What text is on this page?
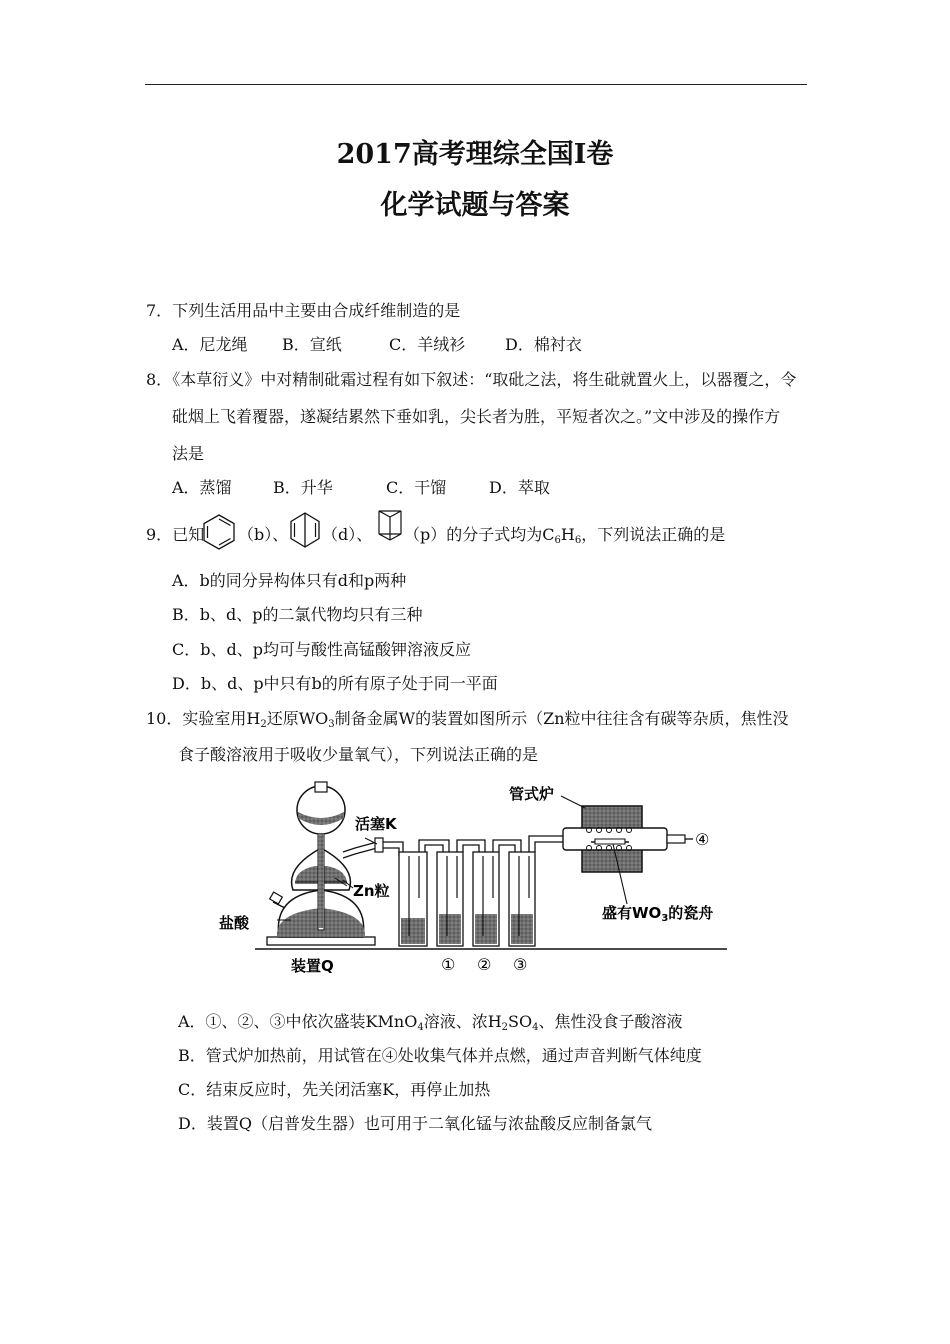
2017高考理综全国I卷
化学试题与答案
7．下列生活用品中主要由合成纤维制造的是
A．尼龙绳 B．宣纸	C．羊绒衫 D．棉衬衣
8．《本草衍义》中对精制砒霜过程有如下叙述：“取砒之法，将生砒就置火上，以器覆之，令
砒烟上飞着覆器，遂凝结累然下垂如乳，尖长者为胜，平短者次之。”文中涉及的操作方
法是
A．蒸馏	B．升华	C．干馏	D．萃取
9．已知 （b）、 （d）、 （p）的分子式均为$C_6H_6$，下列说法正确的是
A．b的同分异构体只有d和p两种
B．b、d、p的二氯代物均只有三种
C．b、d、p均可与酸性高锰酸钾溶液反应
D．b、d、p中只有b的所有原子处于同一平面
10．实验室用$H_2$还原$WO_3$制备金属W的装置如图所示（Zn粒中往往含有碳等杂质，焦性没
食子酸溶液用于吸收少量氧气），下列说法正确的是
管式炉
活塞K
Zn粒
盐酸
装置Q
盛有$WO_3$的瓷舟
① ② ③
④
A．①、②、③中依次盛装KMnO$_4$溶液、浓$H_2SO_4$、焦性没食子酸溶液
B．管式炉加热前，用试管在④处收集气体并点燃，通过声音判断气体纯度
C．结束反应时，先关闭活塞K，再停止加热
D．装置Q（启普发生器）也可用于二氧化锰与浓盐酸反应制备氯气
